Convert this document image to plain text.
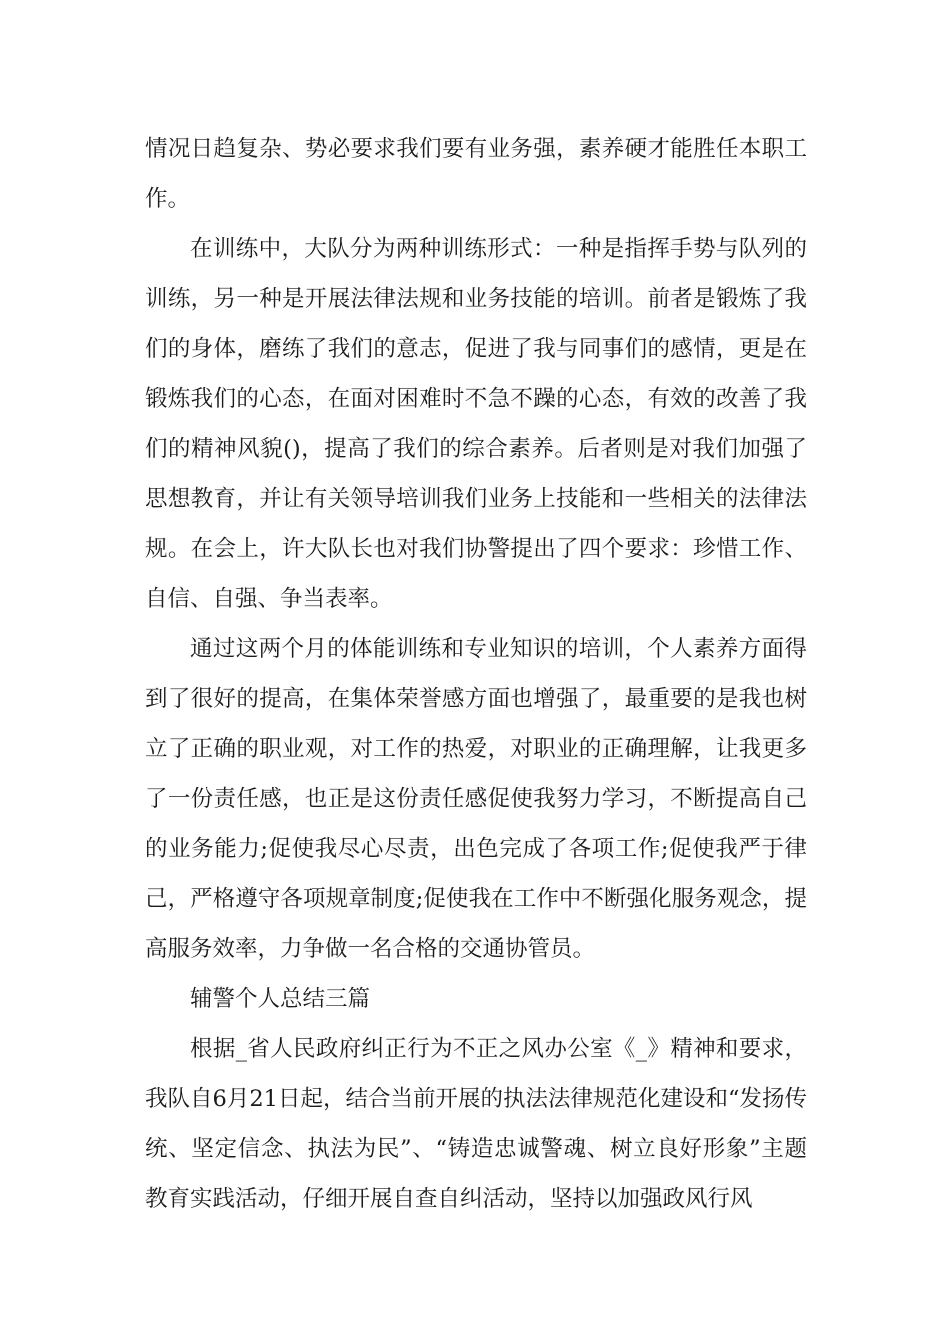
情况日趋复杂、势必要求我们要有业务强，素养硬才能胜任本职工作。

在训练中，大队分为两种训练形式：一种是指挥手势与队列的训练，另一种是开展法律法规和业务技能的培训。前者是锻炼了我们的身体，磨练了我们的意志，促进了我与同事们的感情，更是在锻炼我们的心态，在面对困难时不急不躁的心态，有效的改善了我们的精神风貌()，提高了我们的综合素养。后者则是对我们加强了思想教育，并让有关领导培训我们业务上技能和一些相关的法律法规。在会上，许大队长也对我们协警提出了四个要求：珍惜工作、自信、自强、争当表率。

通过这两个月的体能训练和专业知识的培训，个人素养方面得到了很好的提高，在集体荣誉感方面也增强了，最重要的是我也树立了正确的职业观，对工作的热爱，对职业的正确理解，让我更多了一份责任感，也正是这份责任感促使我努力学习，不断提高自己的业务能力;促使我尽心尽责，出色完成了各项工作;促使我严于律己，严格遵守各项规章制度;促使我在工作中不断强化服务观念，提高服务效率，力争做一名合格的交通协管员。

辅警个人总结三篇

根据_省人民政府纠正行为不正之风办公室《_》精神和要求，我队自6月21日起，结合当前开展的执法法律规范化建设和“发扬传统、坚定信念、执法为民”、“铸造忠诚警魂、树立良好形象”主题教育实践活动，仔细开展自查自纠活动，坚持以加强政风行风
